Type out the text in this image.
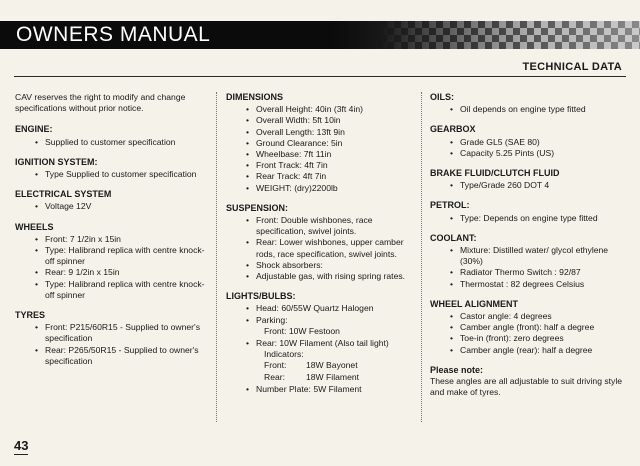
OWNERS MANUAL
TECHNICAL DATA

CAV reserves the right to modify and change specifications without prior notice.

ENGINE:

• Supplied to customer specification

IGNITION SYSTEM:

• Type Supplied to customer specification

ELECTRICAL SYSTEM

• Voltage 12V

WHEELS

• Front: 7 1/2in x 15in
• Type: Halibrand replica with centre knock-off spinner
• Rear: 9 1/2in x 15in
• Type: Halibrand replica with centre knock-off spinner

TYRES

• Front: P215/60R15 - Supplied to owner's specification
• Rear: P265/50R15 - Supplied to owner's specification

DIMENSIONS

• Overall Height: 40in (3ft 4in)
• Overall Width: 5ft 10in
• Overall Length: 13ft 9in
• Ground Clearance: 5in
• Wheelbase: 7ft 11in
• Front Track: 4ft 7in
• Rear Track: 4ft 7in
• WEIGHT: (dry)2200lb

SUSPENSION:

• Front: Double wishbones, race specification, swivel joints.
• Rear: Lower wishbones, upper camber rods, race specification, swivel joints.
• Shock absorbers:
• Adjustable gas, with rising spring rates.

LIGHTS/BULBS:

• Head: 60/55W Quartz Halogen
• Parking:
Front: 10W Festoon
• Rear: 10W Filament (Also tail light)
Indicators:
Front:	18W Bayonet
Rear:	18W Filament
• Number Plate: 5W Filament

OILS:

• Oil depends on engine type fitted

GEARBOX

• Grade GL5 (SAE 80)
• Capacity 5.25 Pints (US)

BRAKE FLUID/CLUTCH FLUID

• Type/Grade 260 DOT 4

PETROL:

• Type: Depends on engine type fitted

COOLANT:

• Mixture: Distilled water/ glycol ethylene (30%)
• Radiator Thermo Switch : 92/87
• Thermostat : 82 degrees Celsius

WHEEL ALIGNMENT

• Castor angle: 4 degrees
• Camber angle (front): half a degree
• Toe-in (front): zero degrees
• Camber angle (rear): half a degree

Please note:

These angles are all adjustable to suit driving style and make of tyres.

43
